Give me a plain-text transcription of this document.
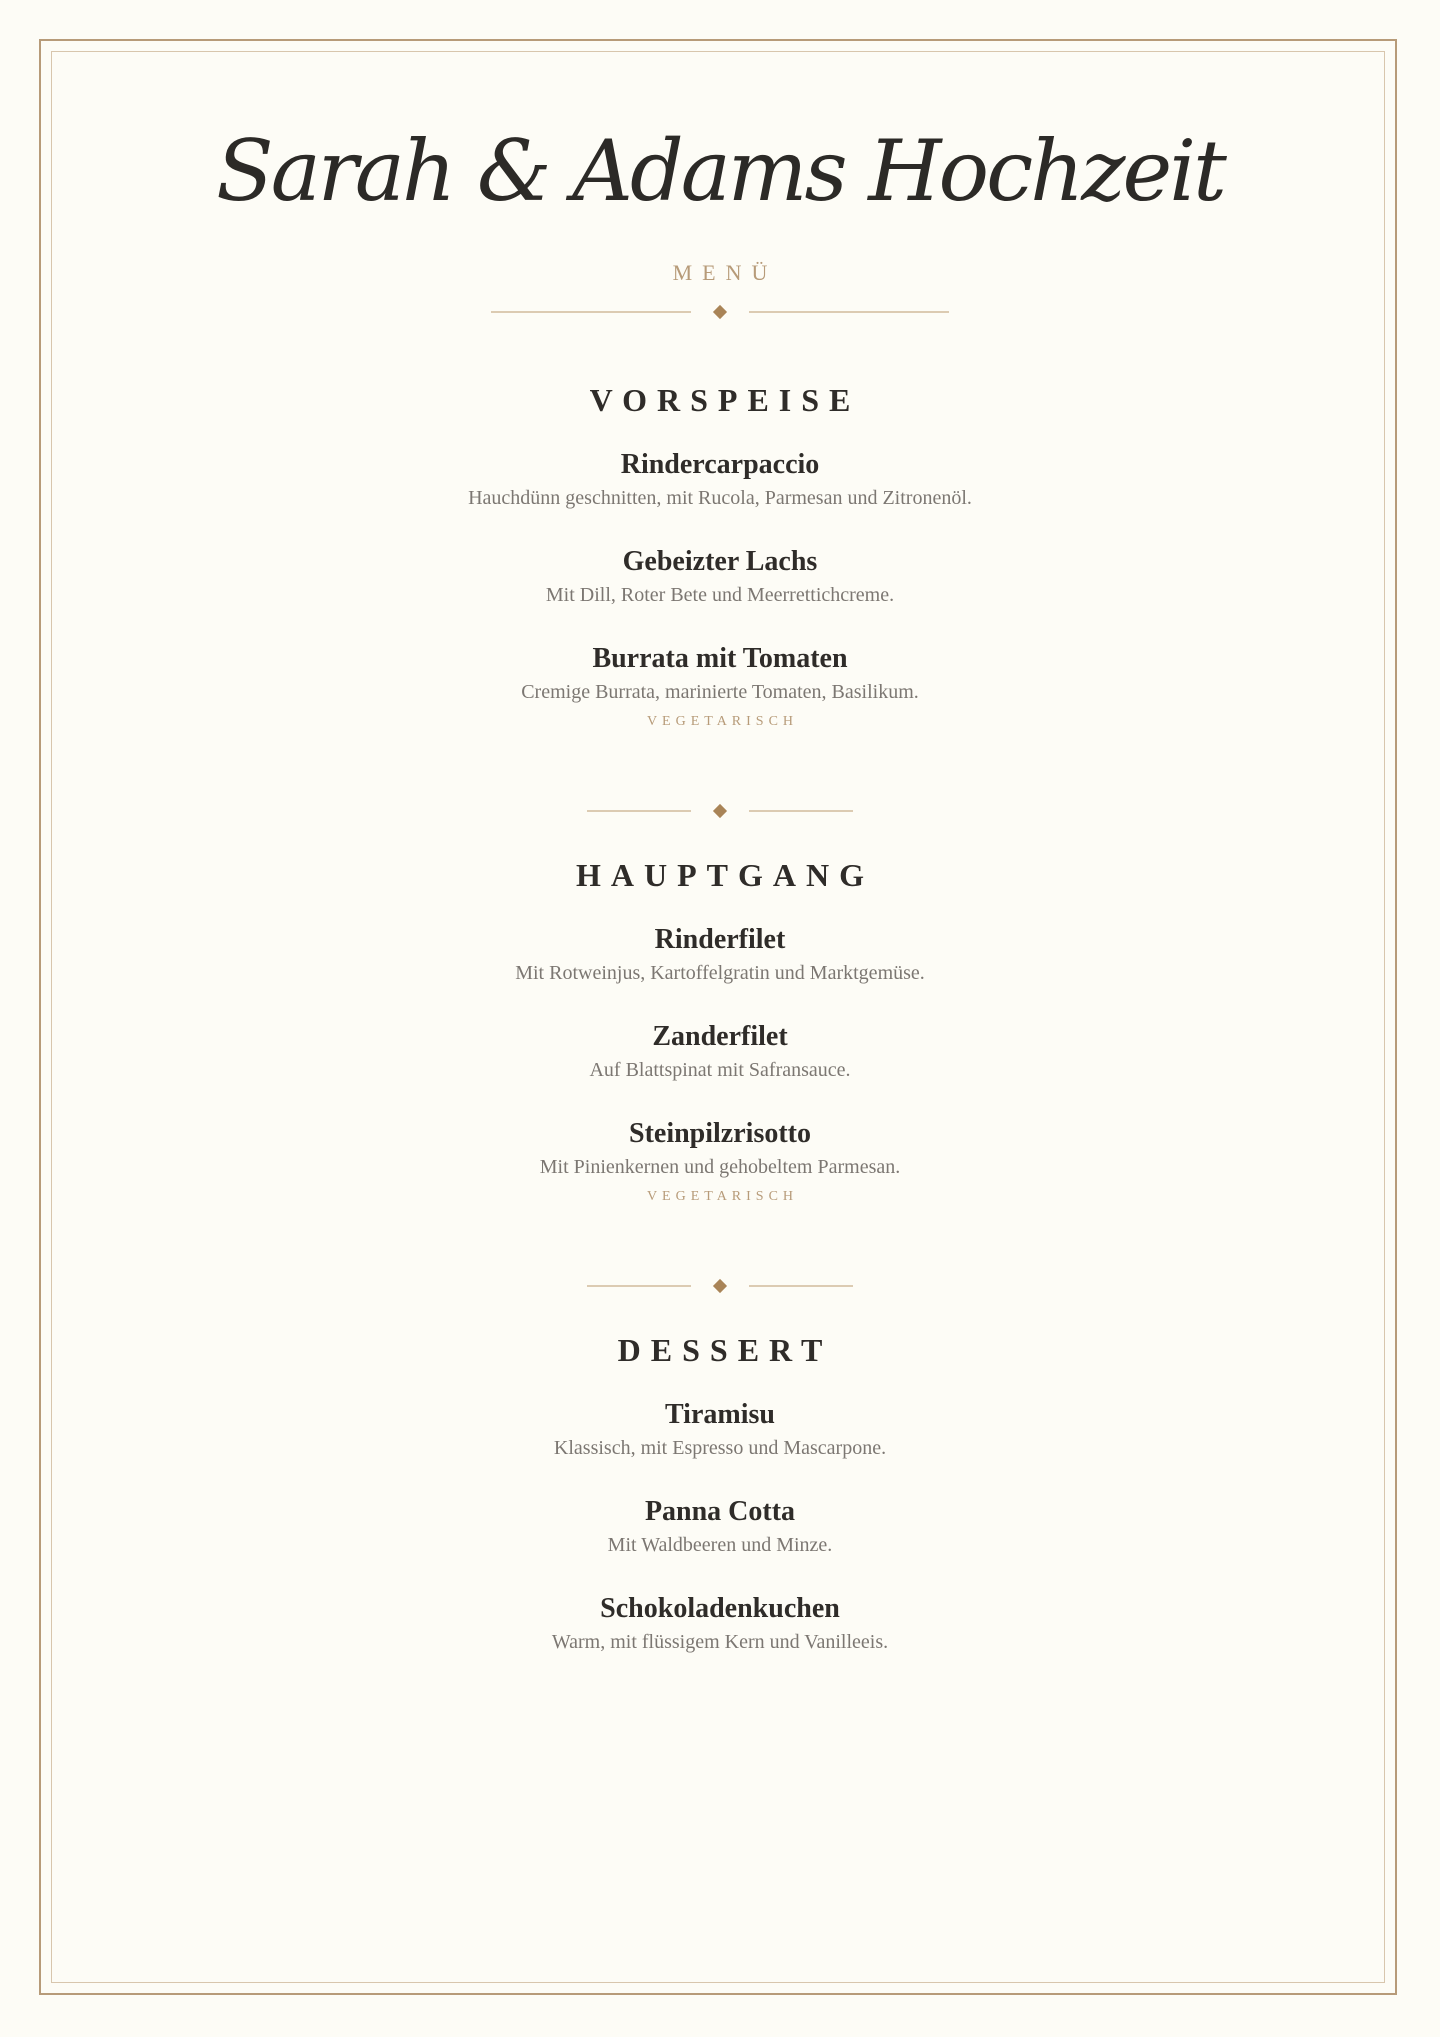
Sarah & Adams Hochzeit
MENÜ
VORSPEISE
Rindercarpaccio
Hauchdünn geschnitten, mit Rucola, Parmesan und Zitronenöl.
Gebeizter Lachs
Mit Dill, Roter Bete und Meerrettichcreme.
Burrata mit Tomaten
Cremige Burrata, marinierte Tomaten, Basilikum.
VEGETARISCH
HAUPTGANG
Rinderfilet
Mit Rotweinjus, Kartoffelgratin und Marktgemüse.
Zanderfilet
Auf Blattspinat mit Safransauce.
Steinpilzrisotto
Mit Pinienkernen und gehobeltem Parmesan.
VEGETARISCH
DESSERT
Tiramisu
Klassisch, mit Espresso und Mascarpone.
Panna Cotta
Mit Waldbeeren und Minze.
Schokoladenkuchen
Warm, mit flüssigem Kern und Vanilleeis.
